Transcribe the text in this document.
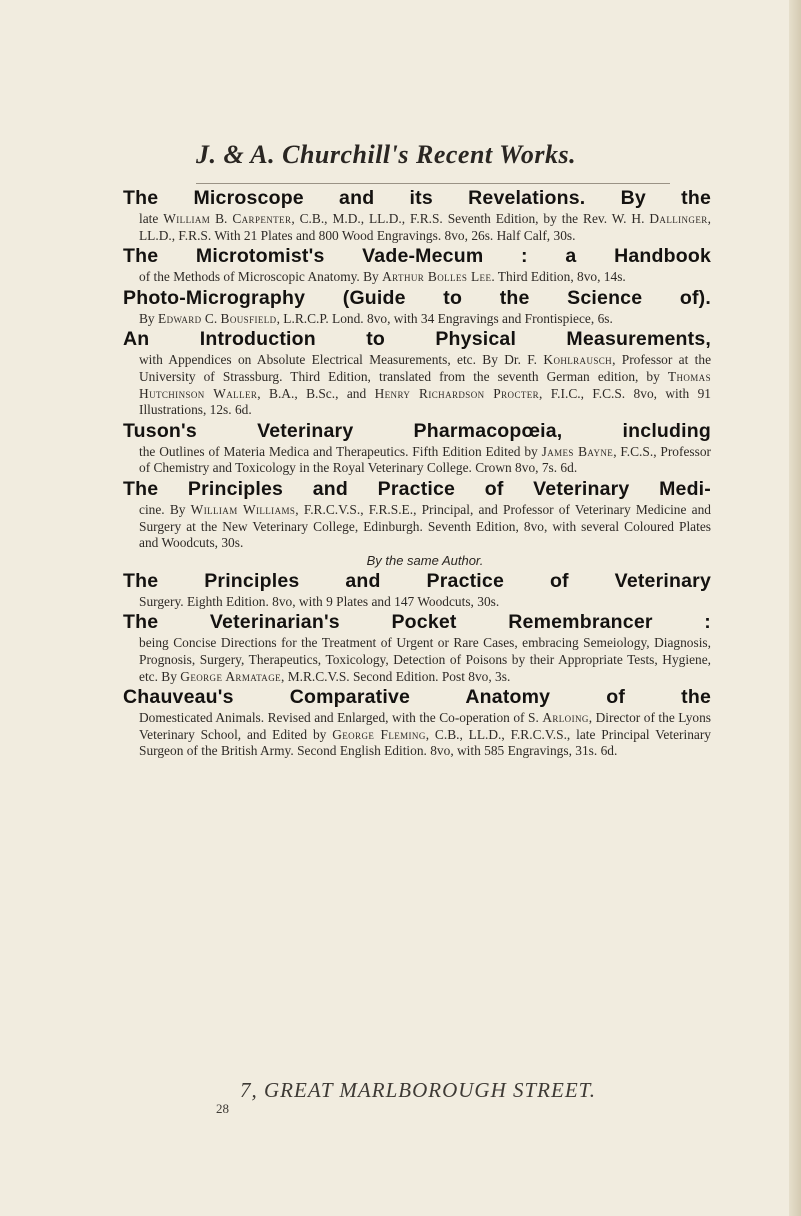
J. & A. Churchill's Recent Works.
The Microscope and its Revelations. By the
late William B. Carpenter, C.B., M.D., LL.D., F.R.S. Seventh Edition, by the Rev. W. H. Dallinger, LL.D., F.R.S. With 21 Plates and 800 Wood Engravings. 8vo, 26s. Half Calf, 30s.
The Microtomist's Vade-Mecum : a Handbook
of the Methods of Microscopic Anatomy. By Arthur Bolles Lee. Third Edition, 8vo, 14s.
Photo-Micrography (Guide to the Science of).
By Edward C. Bousfield, L.R.C.P. Lond. 8vo, with 34 Engravings and Frontispiece, 6s.
An Introduction to Physical Measurements,
with Appendices on Absolute Electrical Measurements, etc. By Dr. F. Kohlrausch, Professor at the University of Strassburg. Third Edition, translated from the seventh German edition, by Thomas Hutchinson Waller, B.A., B.Sc., and Henry Richardson Procter, F.I.C., F.C.S. 8vo, with 91 Illustrations, 12s. 6d.
Tuson's Veterinary Pharmacopœia, including
the Outlines of Materia Medica and Therapeutics. Fifth Edition Edited by James Bayne, F.C.S., Professor of Chemistry and Toxicology in the Royal Veterinary College. Crown 8vo, 7s. 6d.
The Principles and Practice of Veterinary Medi-
cine. By William Williams, F.R.C.V.S., F.R.S.E., Principal, and Professor of Veterinary Medicine and Surgery at the New Veterinary College, Edinburgh. Seventh Edition, 8vo, with several Coloured Plates and Woodcuts, 30s.
By the same Author.
The Principles and Practice of Veterinary
Surgery. Eighth Edition. 8vo, with 9 Plates and 147 Woodcuts, 30s.
The Veterinarian's Pocket Remembrancer :
being Concise Directions for the Treatment of Urgent or Rare Cases, embracing Semeiology, Diagnosis, Prognosis, Surgery, Therapeutics, Toxicology, Detection of Poisons by their Appropriate Tests, Hygiene, etc. By George Armatage, M.R.C.V.S. Second Edition. Post 8vo, 3s.
Chauveau's Comparative Anatomy of the
Domesticated Animals. Revised and Enlarged, with the Co-operation of S. Arloing, Director of the Lyons Veterinary School, and Edited by George Fleming, C.B., LL.D., F.R.C.V.S., late Principal Veterinary Surgeon of the British Army. Second English Edition. 8vo, with 585 Engravings, 31s. 6d.
7, GREAT MARLBOROUGH STREET.
28
